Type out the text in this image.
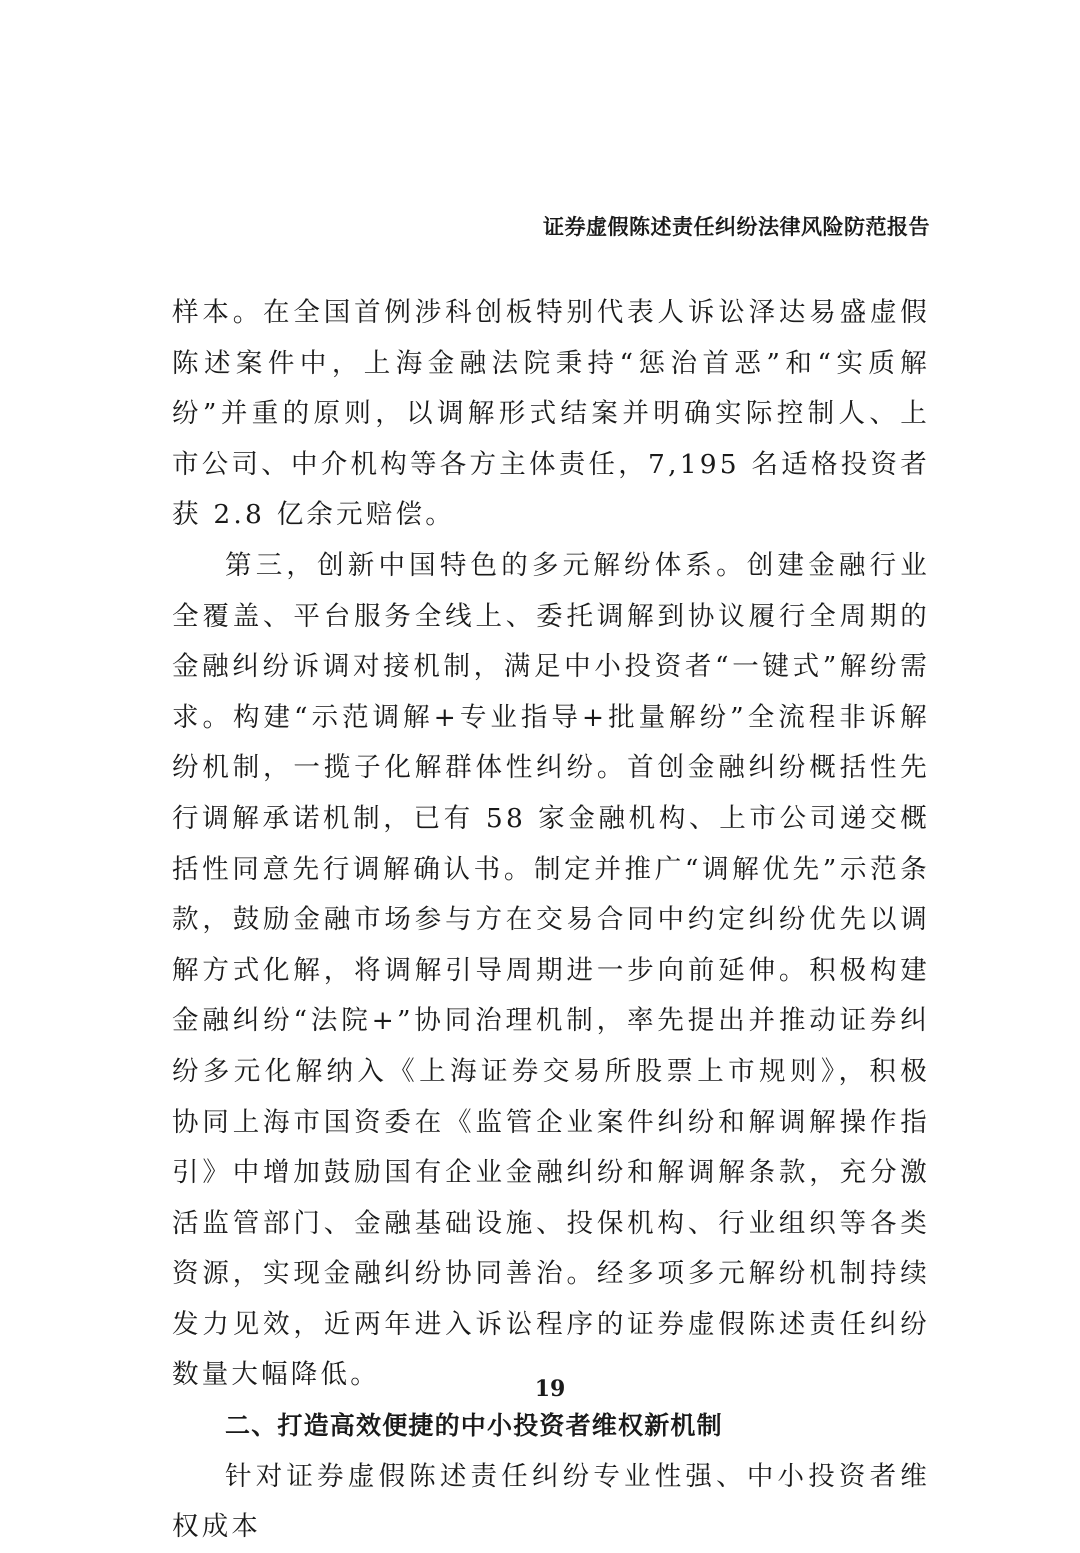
证券虚假陈述责任纠纷法律风险防范报告

样本。在全国首例涉科创板特别代表人诉讼泽达易盛虚假陈述案件中，上海金融法院秉持“惩治首恶”和“实质解纷”并重的原则，以调解形式结案并明确实际控制人、上市公司、中介机构等各方主体责任，7,195 名适格投资者获 2.8 亿余元赔偿。

第三，创新中国特色的多元解纷体系。创建金融行业全覆盖、平台服务全线上、委托调解到协议履行全周期的金融纠纷诉调对接机制，满足中小投资者“一键式”解纷需求。构建“示范调解+专业指导+批量解纷”全流程非诉解纷机制，一揽子化解群体性纠纷。首创金融纠纷概括性先行调解承诺机制，已有 58 家金融机构、上市公司递交概括性同意先行调解确认书。制定并推广“调解优先”示范条款，鼓励金融市场参与方在交易合同中约定纠纷优先以调解方式化解，将调解引导周期进一步向前延伸。积极构建金融纠纷“法院+”协同治理机制，率先提出并推动证券纠纷多元化解纳入《上海证券交易所股票上市规则》，积极协同上海市国资委在《监管企业案件纠纷和解调解操作指引》中增加鼓励国有企业金融纠纷和解调解条款，充分激活监管部门、金融基础设施、投保机构、行业组织等各类资源，实现金融纠纷协同善治。经多项多元解纷机制持续发力见效，近两年进入诉讼程序的证券虚假陈述责任纠纷数量大幅降低。

二、打造高效便捷的中小投资者维权新机制

针对证券虚假陈述责任纠纷专业性强、中小投资者维权成本

19
